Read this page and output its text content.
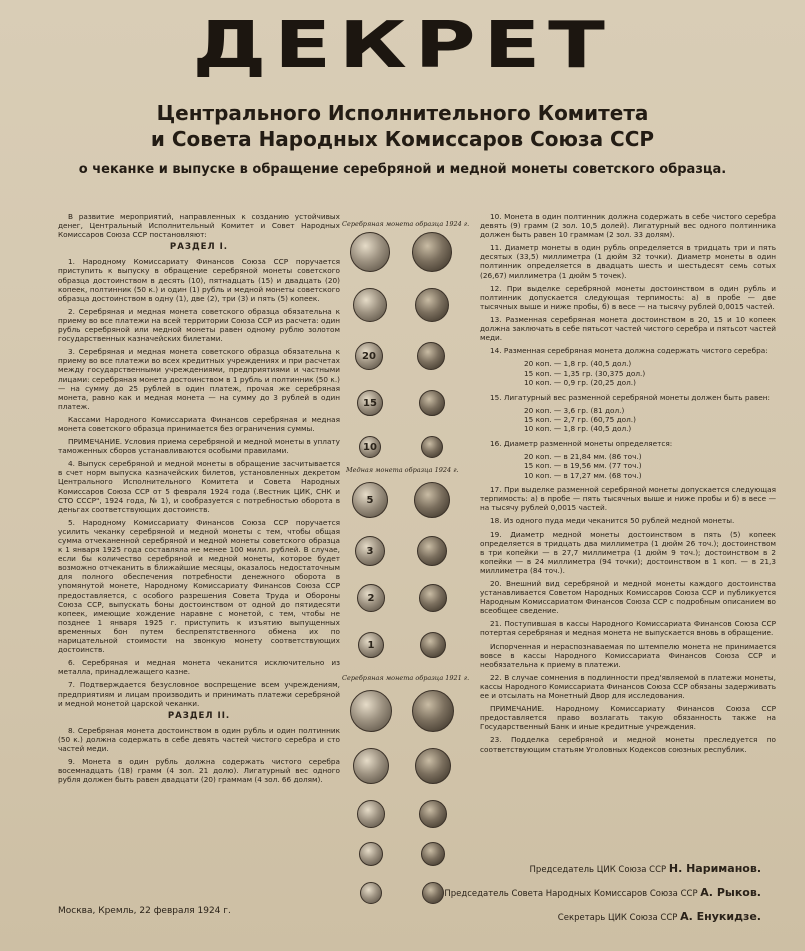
ДЕКРЕТ
Центрального Исполнительного Комитета
и Совета Народных Комиссаров Союза ССР
о чеканке и выпуске в обращение серебряной и медной монеты советского образца.

В развитие мероприятий, направленных к созданию устойчивых денег, Центральный Исполнительный Комитет и Совет Народных Комиссаров Союза ССР постановляют:

РАЗДЕЛ I.

1. Народному Комиссариату Финансов Союза ССР поручается приступить к выпуску в обращение серебряной монеты советского образца достоинством в десять (10), пятнадцать (15) и двадцать (20) копеек, полтинник (50 к.) и один (1) рубль и медной монеты советского образца достоинством в одну (1), две (2), три (3) и пять (5) копеек.

2. Серебряная и медная монета советского образца обязательна к приему во все платежи на всей территории Союза ССР из расчета: один рубль серебряной или медной монеты равен одному рублю золотом государственных казначейских билетами.

3. Серебряная и медная монета советского образца обязательна к приему во все платежи во всех кредитных учреждениях и при расчетах между государственными учреждениями, предприятиями и частными лицами: серебряная монета достоинством в 1 рубль и полтинник (50 к.) — на сумму до 25 рублей в один платеж, прочая же серебряная монета, равно как и медная монета — на сумму до 3 рублей в один платеж.

Кассами Народного Комиссариата Финансов серебряная и медная монета советского образца принимается без ограничения суммы.

ПРИМЕЧАНИЕ. Условия приема серебряной и медной монеты в уплату таможенных сборов устанавливаются особыми правилами.

4. Выпуск серебряной и медной монеты в обращение засчитывается в счет норм выпуска казначейских билетов, установленных декретом Центрального Исполнительного Комитета и Совета Народных Комиссаров Союза ССР от 5 февраля 1924 года (.Вестник ЦИК, СНК и СТО СССР", 1924 года, № 1), и сообразуется с потребностью оборота в деньгах соответствующих достоинств.

5. Народному Комиссариату Финансов Союза ССР поручается усилить чеканку серебряной и медной монеты с тем, чтобы общая сумма отчеканенной серебряной и медной монеты советского образца к 1 января 1925 года составляла не менее 100 милл. рублей. В случае, если бы количество серебряной и медной монеты, которое будет возможно отчеканить в ближайшие месяцы, оказалось недостаточным для полного обеспечения потребности денежного оборота в упомянутой монете, Народному Комиссариату Финансов Союза ССР предоставляется, с особого разрешения Совета Труда и Обороны Союза ССР, выпускать боны достоинством от одной до пятидесяти копеек, имеющие хождение наравне с монетой, с тем, чтобы не позднее 1 января 1925 г. приступить к изъятию выпущенных временных бон путем беспрепятственного обмена их по нарицательной стоимости на звонкую монету соответствующих достоинств.

6. Серебряная и медная монета чеканится исключительно из металла, принадлежащего казне.

7. Подтверждается безусловное воспрещение всем учреждениям, предприятиям и лицам производить и принимать платежи серебряной и медной монетой царской чеканки.

РАЗДЕЛ II.

8. Серебряная монета достоинством в один рубль и один полтинник (50 к.) должна содержать в себе девять частей чистого серебра и сто частей меди.

9. Монета в один рубль должна содержать чистого серебра восемнадцать (18) грамм (4 зол. 21 долю). Лигатурный вес одного рубля должен быть равен двадцати (20) граммам (4 зол. 66 долям).

Серебряная монета образца 1924 г.
20
15
10
Медная монета образца 1924 г.
5
3
2
1
Серебряная монета образца 1921 г.

10. Монета в один полтинник должна содержать в себе чистого серебра девять (9) грамм (2 зол. 10,5 долей). Лигатурный вес одного полтинника должен быть равен 10 граммам (2 зол. 33 долям).

11. Диаметр монеты в один рубль определяется в тридцать три и пять десятых (33,5) миллиметра (1 дюйм 32 точки). Диаметр монеты в один полтинник определяется в двадцать шесть и шестьдесят семь сотых (26,67) миллиметра (1 дюйм 5 точек).

12. При выделке серебряной монеты достоинством в один рубль и полтинник допускается следующая терпимость: а) в пробе — две тысячных выше и ниже пробы, б) в весе — на тысячу рублей 0,0015 частей.

13. Разменная серебряная монета достоинством в 20, 15 и 10 копеек должна заключать в себе пятьсот частей чистого серебра и пятьсот частей меди.

14. Разменная серебряная монета должна содержать чистого серебра:

20 коп. — 1,8 гр. (40,5 дол.)
15 коп. — 1,35 гр. (30,375 дол.)
10 коп. — 0,9 гр. (20,25 дол.)

15. Лигатурный вес разменной серебряной монеты должен быть равен:

20 коп. — 3,6 гр. (81 дол.)
15 коп. — 2,7 гр. (60,75 дол.)
10 коп. — 1,8 гр. (40,5 дол.)

16. Диаметр разменной монеты определяется:

20 коп. — в 21,84 мм. (86 точ.)
15 коп. — в 19,56 мм. (77 точ.)
10 коп. — в 17,27 мм. (68 точ.)

17. При выделке разменной серебряной монеты допускается следующая терпимость: а) в пробе — пять тысячных выше и ниже пробы и б) в весе — на тысячу рублей 0,0015 частей.

18. Из одного пуда меди чеканится 50 рублей медной монеты.

19. Диаметр медной монеты достоинством в пять (5) копеек определяется в тридцать два миллиметра (1 дюйм 26 точ.); достоинством в три копейки — в 27,7 миллиметра (1 дюйм 9 точ.); достоинством в 2 копейки — в 24 миллиметра (94 точки); достоинством в 1 коп. — в 21,3 миллиметра (84 точ.).

20. Внешний вид серебряной и медной монеты каждого достоинства устанавливается Советом Народных Комиссаров Союза ССР и публикуется Народным Комиссариатом Финансов Союза ССР с подробным описанием во всеобщее сведение.

21. Поступившая в кассы Народного Комиссариата Финансов Союза ССР потертая серебряная и медная монета не выпускается вновь в обращение.

Испорченная и нераспознаваемая по штемпелю монета не принимается вовсе в кассы Народного Комиссариата Финансов Союза ССР и необязательна к приему в платежи.

22. В случае сомнения в подлинности пред'являемой в платежи монеты, кассы Народного Комиссариата Финансов Союза ССР обязаны задерживать ее и отсылать на Монетный Двор для исследования.

ПРИМЕЧАНИЕ. Народному Комиссариату Финансов Союза ССР предоставляется право возлагать такую обязанность также на Государственный Банк и иные кредитные учреждения.

23. Подделка серебряной и медной монеты преследуется по соответствующим статьям Уголовных Кодексов союзных республик.

Председатель ЦИК Союза ССР Н. Нариманов.
Председатель Совета Народных Комиссаров Союза ССР А. Рыков.
Секретарь ЦИК Союза ССР А. Енукидзе.
Москва, Кремль, 22 февраля 1924 г.
